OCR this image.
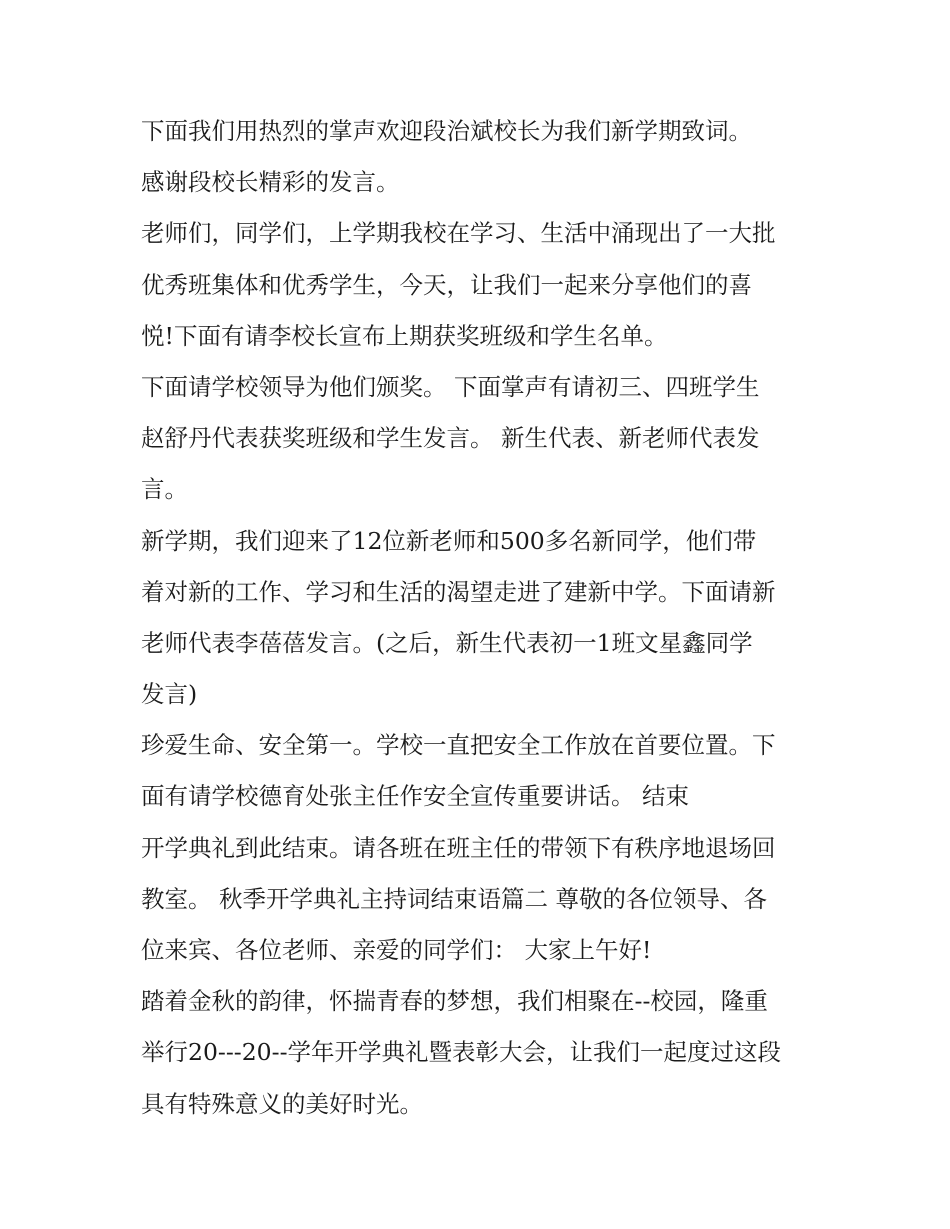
下面我们用热烈的掌声欢迎段治斌校长为我们新学期致词。
感谢段校长精彩的发言。
老师们，同学们，上学期我校在学习、生活中涌现出了一大批
优秀班集体和优秀学生，今天，让我们一起来分享他们的喜
悦!下面有请李校长宣布上期获奖班级和学生名单。
下面请学校领导为他们颁奖。 下面掌声有请初三、四班学生
赵舒丹代表获奖班级和学生发言。 新生代表、新老师代表发
言。
新学期，我们迎来了12位新老师和500多名新同学，他们带
着对新的工作、学习和生活的渴望走进了建新中学。下面请新
老师代表李蓓蓓发言。(之后，新生代表初一1班文星鑫同学
发言)
珍爱生命、安全第一。学校一直把安全工作放在首要位置。下
面有请学校德育处张主任作安全宣传重要讲话。 结束
开学典礼到此结束。请各班在班主任的带领下有秩序地退场回
教室。 秋季开学典礼主持词结束语篇二 尊敬的各位领导、各
位来宾、各位老师、亲爱的同学们： 大家上午好!
踏着金秋的韵律，怀揣青春的梦想，我们相聚在--校园，隆重
举行20---20--学年开学典礼暨表彰大会，让我们一起度过这段
具有特殊意义的美好时光。
